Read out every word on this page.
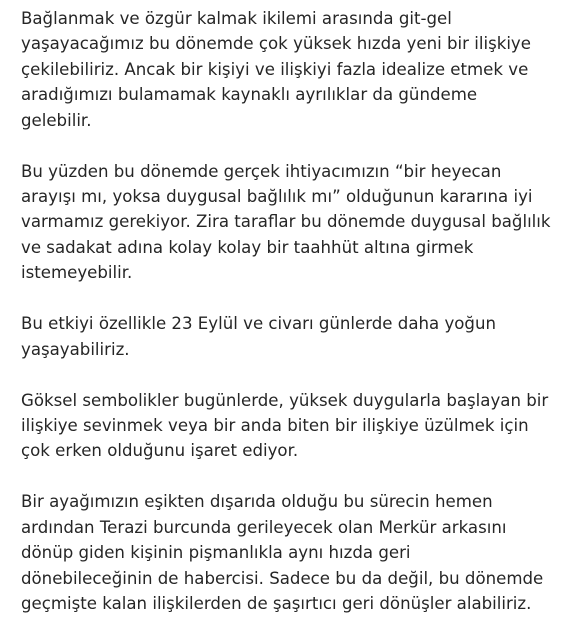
Bağlanmak ve özgür kalmak ikilemi arasında git-gel
yaşayacağımız bu dönemde çok yüksek hızda yeni bir ilişkiye
çekilebiliriz. Ancak bir kişiyi ve ilişkiyi fazla idealize etmek ve
aradığımızı bulamamak kaynaklı ayrılıklar da gündeme
gelebilir.

Bu yüzden bu dönemde gerçek ihtiyacımızın “bir heyecan
arayışı mı, yoksa duygusal bağlılık mı” olduğunun kararına iyi
varmamız gerekiyor. Zira taraflar bu dönemde duygusal bağlılık
ve sadakat adına kolay kolay bir taahhüt altına girmek
istemeyebilir.

Bu etkiyi özellikle 23 Eylül ve civarı günlerde daha yoğun
yaşayabiliriz.

Göksel sembolikler bugünlerde, yüksek duygularla başlayan bir
ilişkiye sevinmek veya bir anda biten bir ilişkiye üzülmek için
çok erken olduğunu işaret ediyor.

Bir ayağımızın eşikten dışarıda olduğu bu sürecin hemen
ardından Terazi burcunda gerileyecek olan Merkür arkasını
dönüp giden kişinin pişmanlıkla aynı hızda geri
dönebileceğinin de habercisi. Sadece bu da değil, bu dönemde
geçmişte kalan ilişkilerden de şaşırtıcı geri dönüşler alabiliriz.
